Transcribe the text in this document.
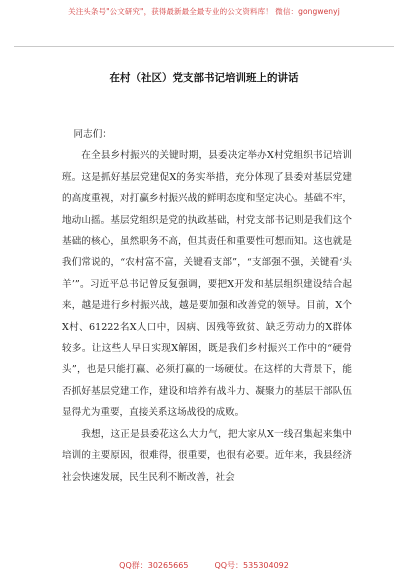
关注头条号"公文研究"，获得最新最全最专业的公文资料库！ 微信：gongwenyj
在村（社区）党支部书记培训班上的讲话

同志们：

在全县乡村振兴的关键时期，县委决定举办X村党组织书记培训班。这是抓好基层党建促X的务实举措，充分体现了县委对基层党建的高度重视，对打赢乡村振兴战的鲜明态度和坚定决心。基础不牢，地动山摇。基层党组织是党的执政基础，村党支部书记则是我们这个基础的核心，虽然职务不高，但其责任和重要性可想而知。这也就是我们常说的，“农村富不富，关键看支部”，“支部强不强，关键看‘头羊’”。习近平总书记曾反复强调，要把X开发和基层组织建设结合起来，越是进行乡村振兴战，越是要加强和改善党的领导。目前，X个X村、61222名X人口中，因病、因残等致贫、缺乏劳动力的X群体较多。让这些人早日实现X解困，既是我们乡村振兴工作中的“硬骨头”，也是只能打赢、必须打赢的一场硬仗。在这样的大背景下，能否抓好基层党建工作，建设和培养有战斗力、凝聚力的基层干部队伍显得尤为重要，直接关系这场战役的成败。

我想，这正是县委花这么大力气，把大家从X一线召集起来集中培训的主要原因，很难得，很重要，也很有必要。近年来，我县经济社会快速发展，民生民利不断改善，社会

QQ群：30265665	QQ号：535304092
